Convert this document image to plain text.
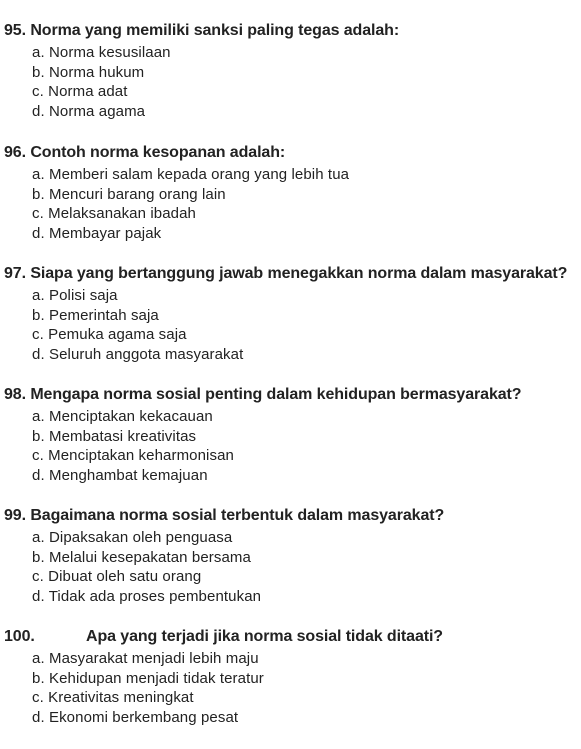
95. Norma yang memiliki sanksi paling tegas adalah:
a. Norma kesusilaan
b. Norma hukum
c. Norma adat
d. Norma agama
96. Contoh norma kesopanan adalah:
a. Memberi salam kepada orang yang lebih tua
b. Mencuri barang orang lain
c. Melaksanakan ibadah
d. Membayar pajak
97. Siapa yang bertanggung jawab menegakkan norma dalam masyarakat?
a. Polisi saja
b. Pemerintah saja
c. Pemuka agama saja
d. Seluruh anggota masyarakat
98. Mengapa norma sosial penting dalam kehidupan bermasyarakat?
a. Menciptakan kekacauan
b. Membatasi kreativitas
c. Menciptakan keharmonisan
d. Menghambat kemajuan
99. Bagaimana norma sosial terbentuk dalam masyarakat?
a. Dipaksakan oleh penguasa
b. Melalui kesepakatan bersama
c. Dibuat oleh satu orang
d. Tidak ada proses pembentukan
100.	Apa yang terjadi jika norma sosial tidak ditaati?
a. Masyarakat menjadi lebih maju
b. Kehidupan menjadi tidak teratur
c. Kreativitas meningkat
d. Ekonomi berkembang pesat
